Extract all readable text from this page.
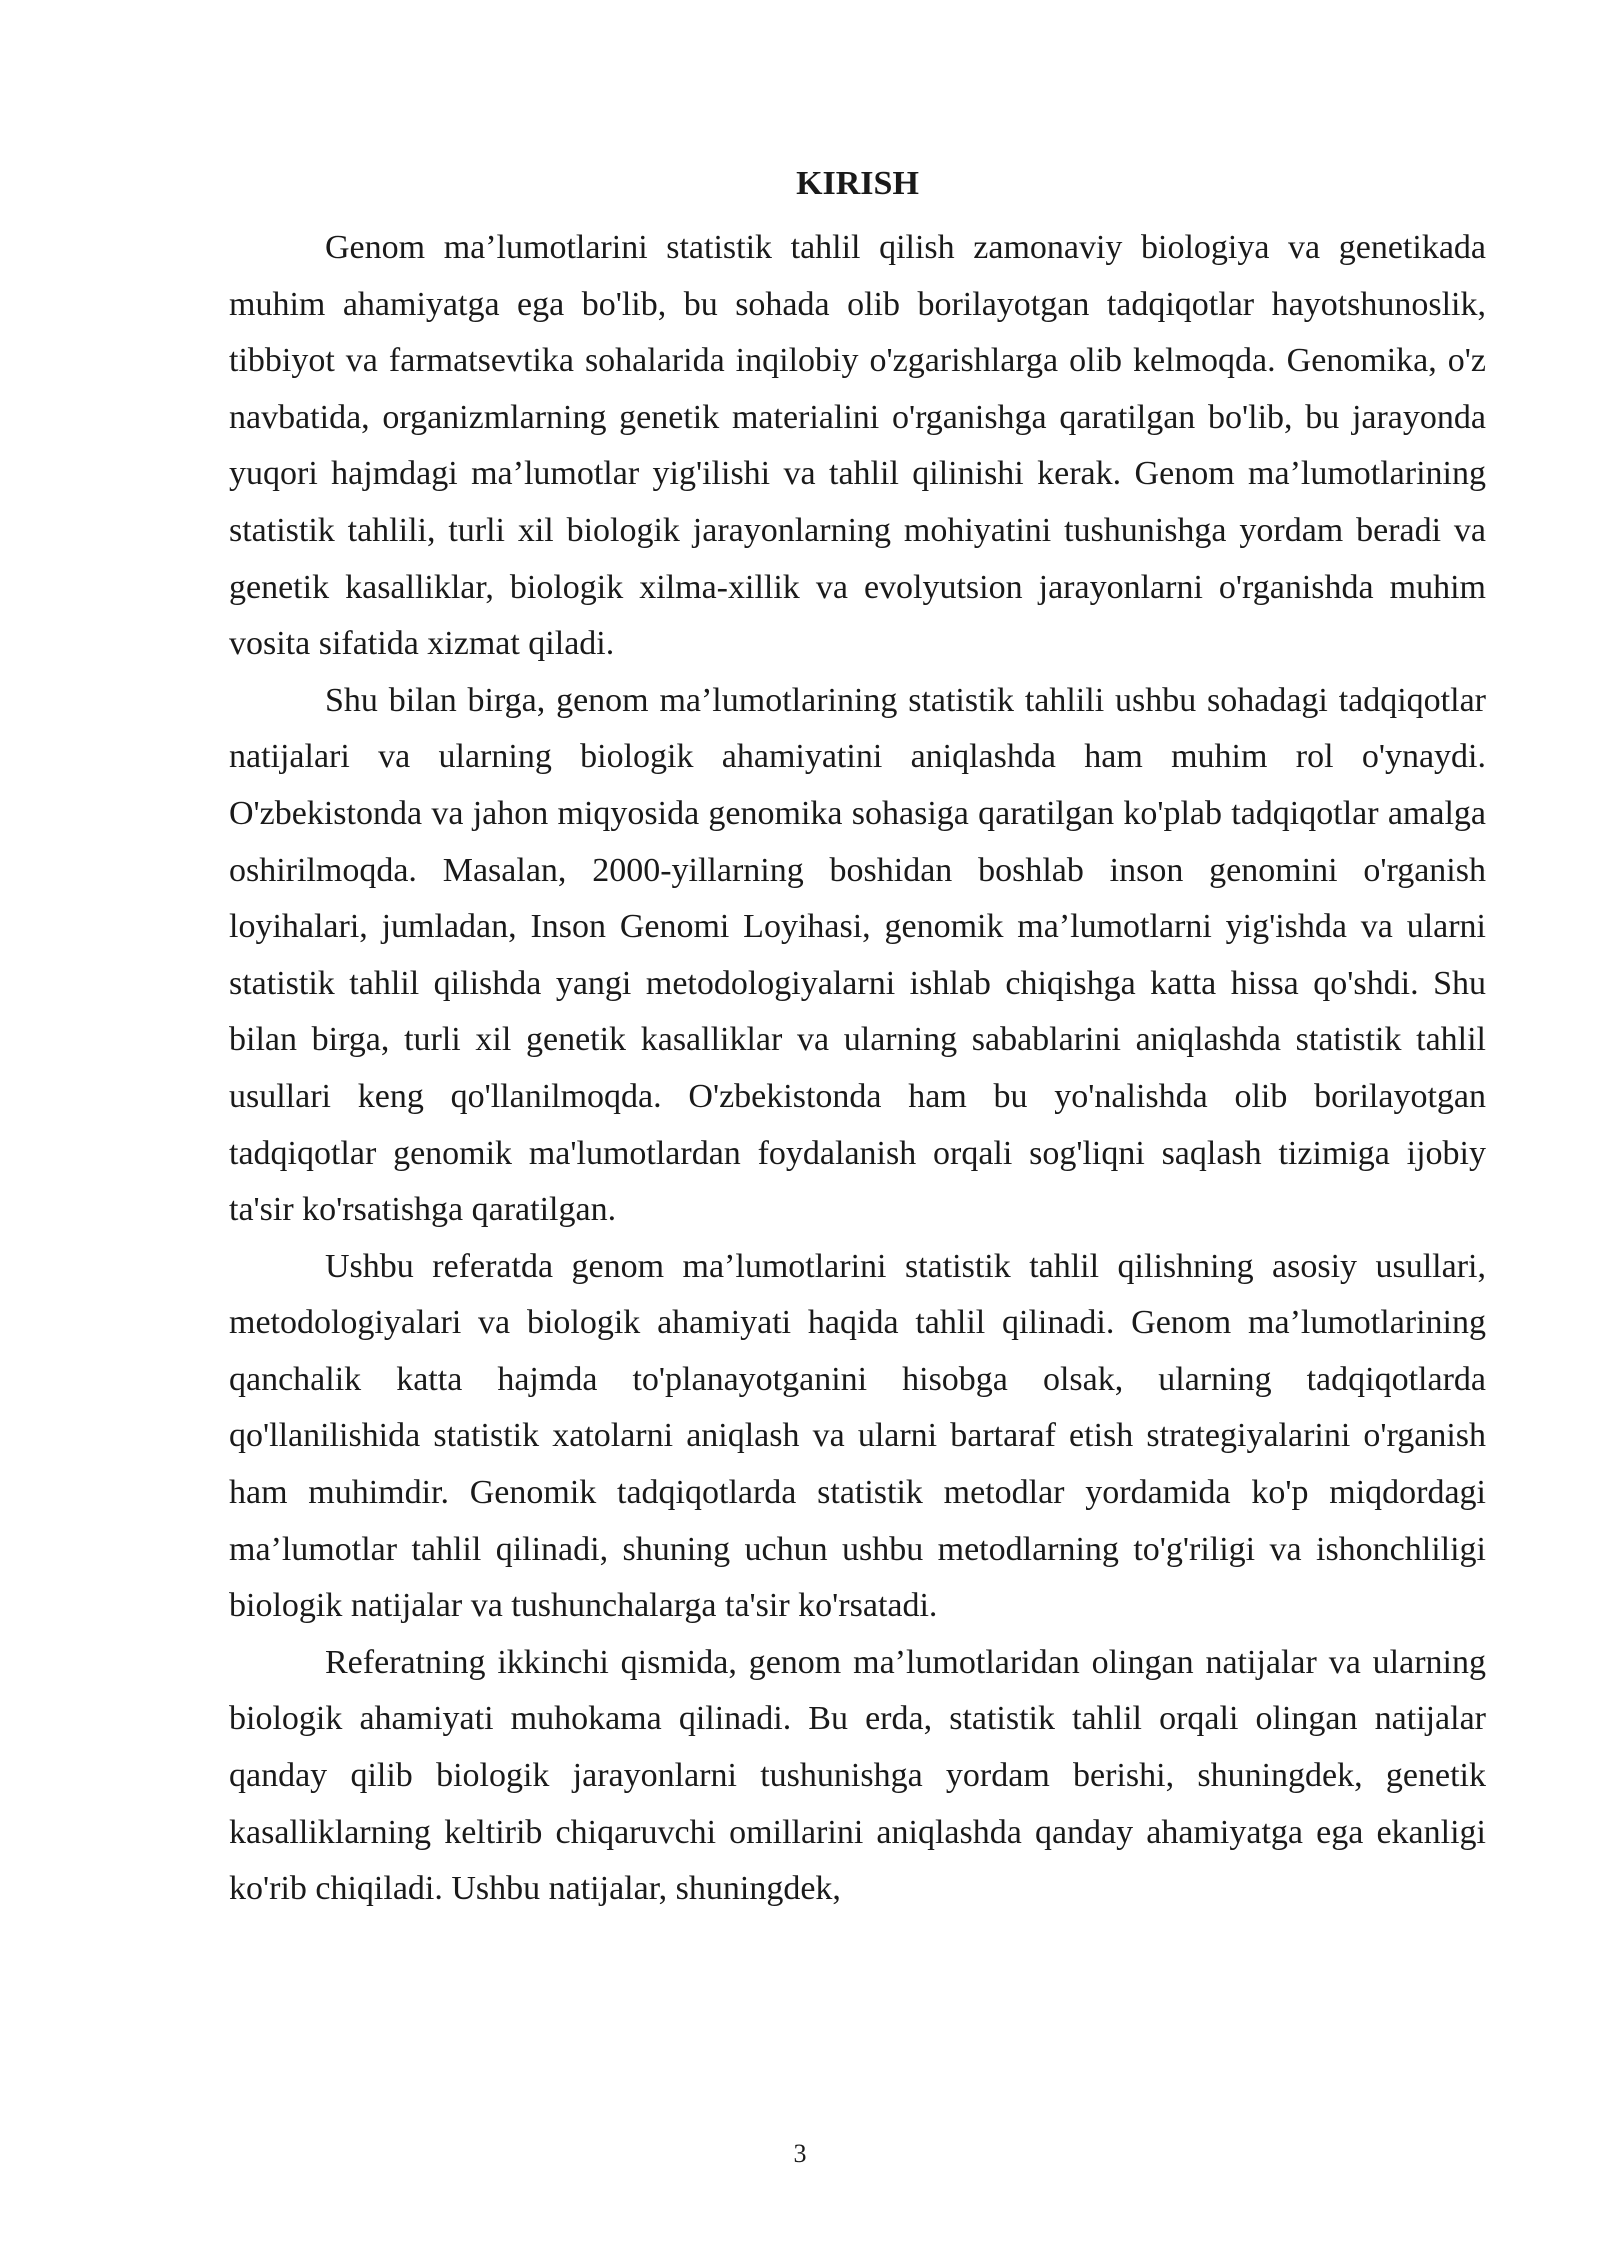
KIRISH

Genom ma’lumotlarini statistik tahlil qilish zamonaviy biologiya va genetikada muhim ahamiyatga ega bo'lib, bu sohada olib borilayotgan tadqiqotlar hayotshunoslik, tibbiyot va farmatsevtika sohalarida inqilobiy o'zgarishlarga olib kelmoqda. Genomika, o'z navbatida, organizmlarning genetik materialini o'rganishga qaratilgan bo'lib, bu jarayonda yuqori hajmdagi ma’lumotlar yig'ilishi va tahlil qilinishi kerak. Genom ma’lumotlarining statistik tahlili, turli xil biologik jarayonlarning mohiyatini tushunishga yordam beradi va genetik kasalliklar, biologik xilma-xillik va evolyutsion jarayonlarni o'rganishda muhim vosita sifatida xizmat qiladi.

Shu bilan birga, genom ma’lumotlarining statistik tahlili ushbu sohadagi tadqiqotlar natijalari va ularning biologik ahamiyatini aniqlashda ham muhim rol o'ynaydi. O'zbekistonda va jahon miqyosida genomika sohasiga qaratilgan ko'plab tadqiqotlar amalga oshirilmoqda. Masalan, 2000-yillarning boshidan boshlab inson genomini o'rganish loyihalari, jumladan, Inson Genomi Loyihasi, genomik ma’lumotlarni yig'ishda va ularni statistik tahlil qilishda yangi metodologiyalarni ishlab chiqishga katta hissa qo'shdi. Shu bilan birga, turli xil genetik kasalliklar va ularning sabablarini aniqlashda statistik tahlil usullari keng qo'llanilmoqda. O'zbekistonda ham bu yo'nalishda olib borilayotgan tadqiqotlar genomik ma'lumotlardan foydalanish orqali sog'liqni saqlash tizimiga ijobiy ta'sir ko'rsatishga qaratilgan.

Ushbu referatda genom ma’lumotlarini statistik tahlil qilishning asosiy usullari, metodologiyalari va biologik ahamiyati haqida tahlil qilinadi. Genom ma’lumotlarining qanchalik katta hajmda to'planayotganini hisobga olsak, ularning tadqiqotlarda qo'llanilishida statistik xatolarni aniqlash va ularni bartaraf etish strategiyalarini o'rganish ham muhimdir. Genomik tadqiqotlarda statistik metodlar yordamida ko'p miqdordagi ma’lumotlar tahlil qilinadi, shuning uchun ushbu metodlarning to'g'riligi va ishonchliligi biologik natijalar va tushunchalarga ta'sir ko'rsatadi.

Referatning ikkinchi qismida, genom ma’lumotlaridan olingan natijalar va ularning biologik ahamiyati muhokama qilinadi. Bu erda, statistik tahlil orqali olingan natijalar qanday qilib biologik jarayonlarni tushunishga yordam berishi, shuningdek, genetik kasalliklarning keltirib chiqaruvchi omillarini aniqlashda qanday ahamiyatga ega ekanligi ko'rib chiqiladi. Ushbu natijalar, shuningdek,

3
